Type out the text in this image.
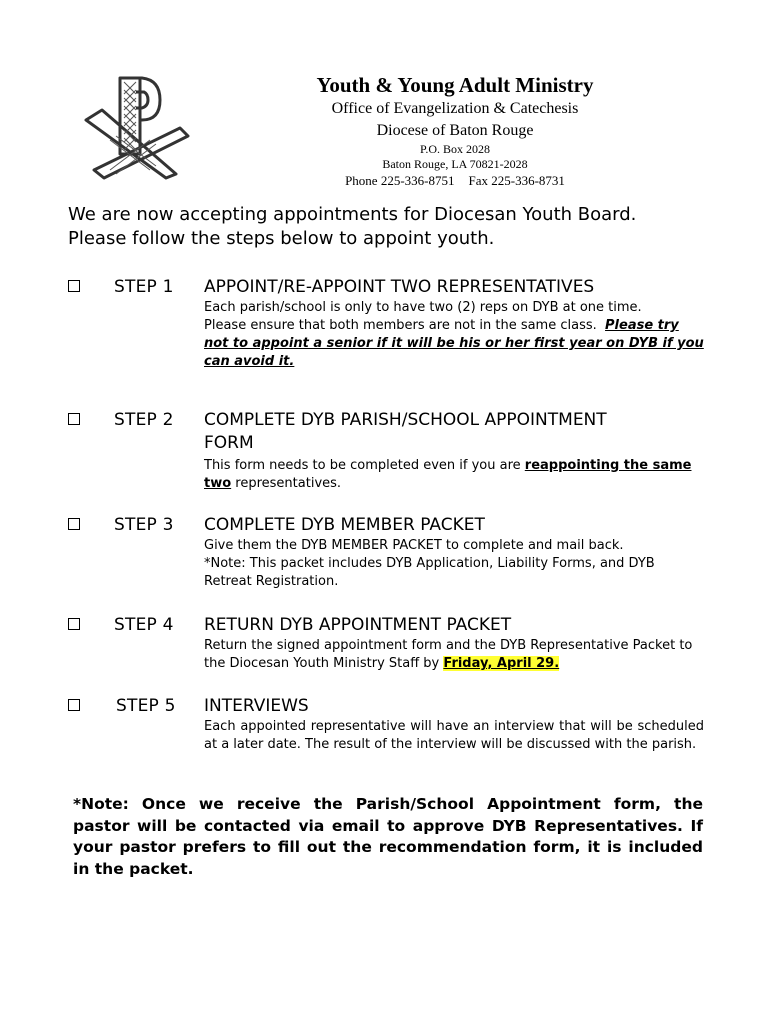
Youth & Young Adult Ministry
Office of Evangelization & Catechesis
Diocese of Baton Rouge
P.O. Box 2028
Baton Rouge, LA 70821-2028
Phone 225-336-8751 Fax 225-336-8731
We are now accepting appointments for Diocesan Youth Board.
Please follow the steps below to appoint youth.
STEP 1 APPOINT/RE-APPOINT TWO REPRESENTATIVES
Each parish/school is only to have two (2) reps on DYB at one time.
Please ensure that both members are not in the same class. Please try not to appoint a senior if it will be his or her first year on DYB if you can avoid it.
STEP 2 COMPLETE DYB PARISH/SCHOOL APPOINTMENT
FORM
This form needs to be completed even if you are reappointing the same two representatives.
STEP 3 COMPLETE DYB MEMBER PACKET
Give them the DYB MEMBER PACKET to complete and mail back.
*Note: This packet includes DYB Application, Liability Forms, and DYB Retreat Registration.
STEP 4 RETURN DYB APPOINTMENT PACKET
Return the signed appointment form and the DYB Representative Packet to the Diocesan Youth Ministry Staff by Friday, April 29.
STEP 5 INTERVIEWS
Each appointed representative will have an interview that will be scheduled at a later date. The result of the interview will be discussed with the parish.
*Note: Once we receive the Parish/School Appointment form, the pastor will be contacted via email to approve DYB Representatives. If your pastor prefers to fill out the recommendation form, it is included in the packet.
